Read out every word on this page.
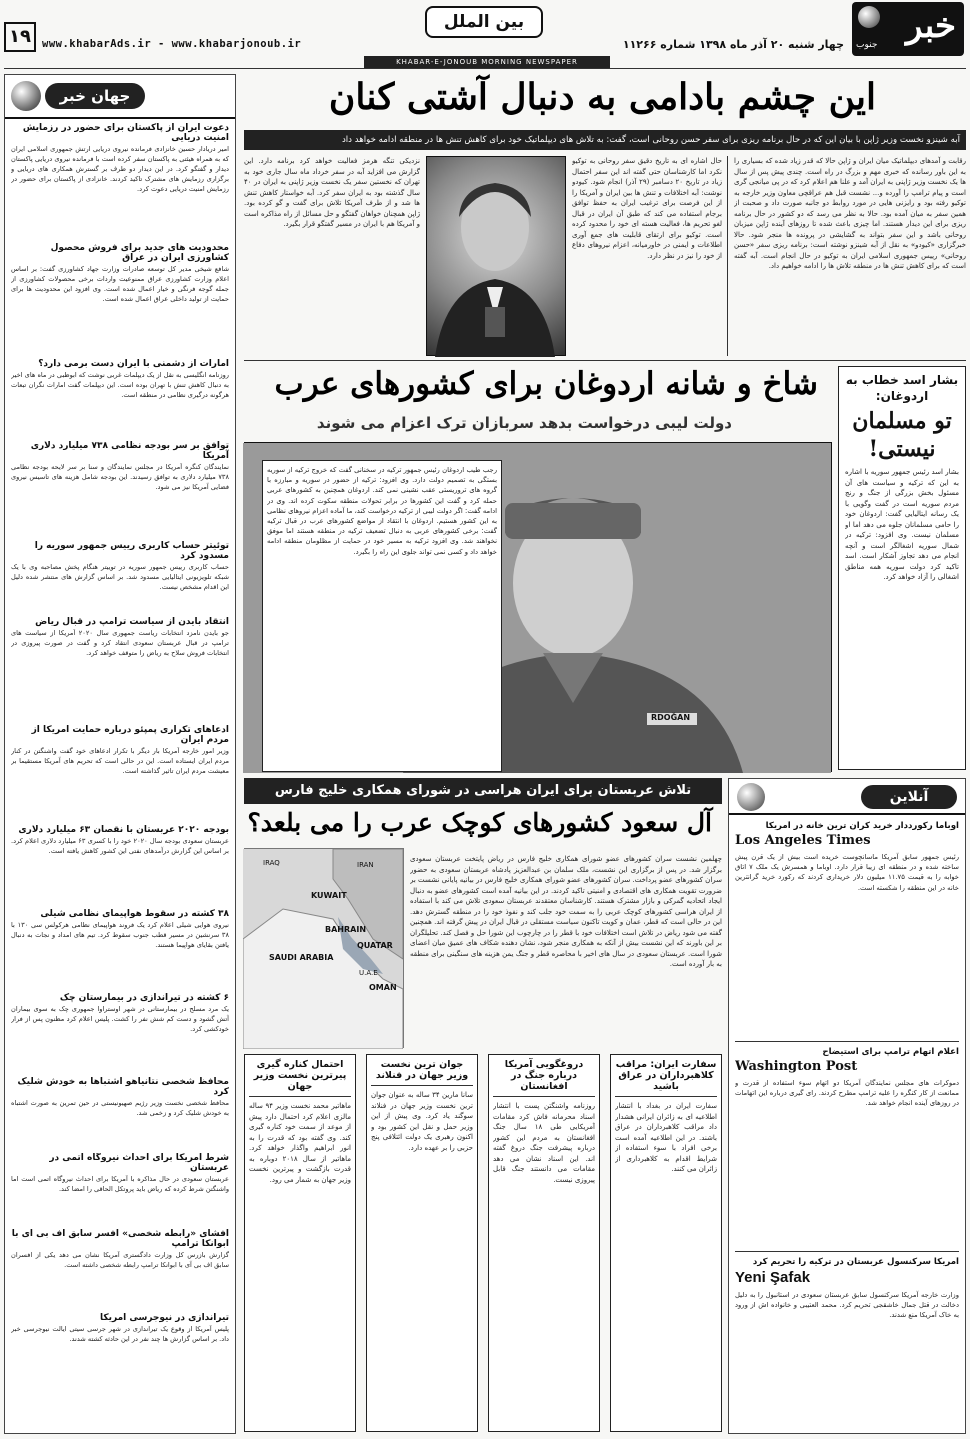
خبر
جنوب
چهار شنبه ۲۰ آذر ماه ۱۳۹۸ شماره ۱۱۲۶۶
بین الملل
www.khabarAds.ir - www.khabarjonoub.ir
۱۹
KHABAR-E-JONOUB MORNING NEWSPAPER
جهان خبر
دعوت ایران از پاکستان برای حضور در رزمایش امنیت دریایی
امیر دریادار حسین خانزادی فرمانده نیروی دریایی ارتش جمهوری اسلامی ایران که به همراه هیئتی به پاکستان سفر کرده است با فرمانده نیروی دریایی پاکستان دیدار و گفتگو کرد. در این دیدار دو طرف بر گسترش همکاری های دریایی و برگزاری رزمایش های مشترک تاکید کردند. خانزادی از پاکستان برای حضور در رزمایش امنیت دریایی دعوت کرد.
محدودیت های جدید برای فروش محصول کشاورزی ایران در عراق
شافع شیخی مدیر کل توسعه صادرات وزارت جهاد کشاورزی گفت: بر اساس اعلام وزارت کشاورزی عراق ممنوعیت واردات برخی محصولات کشاورزی از جمله گوجه فرنگی و خیار اعمال شده است. وی افزود این محدودیت ها برای حمایت از تولید داخلی عراق اعمال شده است.
امارات از دشمنی با ایران دست برمی دارد؟
روزنامه انگلیسی به نقل از یک دیپلمات غربی نوشت که ابوظبی در ماه های اخیر به دنبال کاهش تنش با تهران بوده است. این دیپلمات گفت امارات نگران تبعات هرگونه درگیری نظامی در منطقه است.
توافق بر سر بودجه نظامی ۷۳۸ میلیارد دلاری آمریکا
نمایندگان کنگره آمریکا در مجلس نمایندگان و سنا بر سر لایحه بودجه نظامی ۷۳۸ میلیارد دلاری به توافق رسیدند. این بودجه شامل هزینه های تاسیس نیروی فضایی آمریکا نیز می شود.
توئیتر حساب کاربری رییس جمهور سوریه را مسدود کرد
حساب کاربری رییس جمهور سوریه در توییتر هنگام پخش مصاحبه وی با یک شبکه تلویزیونی ایتالیایی مسدود شد. بر اساس گزارش های منتشر شده دلیل این اقدام مشخص نیست.
انتقاد بایدن از سیاست ترامپ در قبال ریاض
جو بایدن نامزد انتخابات ریاست جمهوری سال ۲۰۲۰ آمریکا از سیاست های ترامپ در قبال عربستان سعودی انتقاد کرد و گفت در صورت پیروزی در انتخابات فروش سلاح به ریاض را متوقف خواهد کرد.
ادعاهای تکراری پمپئو درباره حمایت آمریکا از مردم ایران
وزیر امور خارجه آمریکا بار دیگر با تکرار ادعاهای خود گفت واشنگتن در کنار مردم ایران ایستاده است. این در حالی است که تحریم های آمریکا مستقیما بر معیشت مردم ایران تاثیر گذاشته است.
بودجه ۲۰۲۰ عربستان با نقصان ۶۳ میلیارد دلاری
عربستان سعودی بودجه سال ۲۰۲۰ خود را با کسری ۶۳ میلیارد دلاری اعلام کرد. بر اساس این گزارش درآمدهای نفتی این کشور کاهش یافته است.
۳۸ کشته در سقوط هواپیمای نظامی شیلی
نیروی هوایی شیلی اعلام کرد یک فروند هواپیمای نظامی هرکولس سی ۱۳۰ با ۳۸ سرنشین در مسیر قطب جنوب سقوط کرد. تیم های امداد و نجات به دنبال یافتن بقایای هواپیما هستند.
۶ کشته در تیراندازی در بیمارستان چک
یک مرد مسلح در بیمارستانی در شهر اوستراوا جمهوری چک به سوی بیماران آتش گشود و دست کم شش نفر را کشت. پلیس اعلام کرد مظنون پس از فرار خودکشی کرد.
محافظ شخصی نتانیاهو اشتباها به خودش شلیک کرد
محافظ شخصی نخست وزیر رژیم صهیونیستی در حین تمرین به صورت اشتباه به خودش شلیک کرد و زخمی شد.
شرط آمریکا برای احداث نیروگاه اتمی در عربستان
عربستان سعودی در حال مذاکره با آمریکا برای احداث نیروگاه اتمی است اما واشنگتن شرط کرده که ریاض باید پروتکل الحاقی را امضا کند.
افشای «رابطه شخصی» افسر سابق اف بی آی با ابوانکا ترامپ
گزارش بازرس کل وزارت دادگستری آمریکا نشان می دهد یکی از افسران سابق اف بی آی با ابوانکا ترامپ رابطه شخصی داشته است.
تیراندازی در نیوجرسی آمریکا
پلیس آمریکا از وقوع یک تیراندازی در شهر جرسی سیتی ایالت نیوجرسی خبر داد. بر اساس گزارش ها چند نفر در این حادثه کشته شدند.
این چشم بادامی به دنبال آشتی کنان
آبه شینزو نخست وزیر ژاپن با بیان این که در حال برنامه ریزی برای سفر حسن روحانی است، گفت: به تلاش های دیپلماتیک خود برای کاهش تنش ها در منطقه ادامه خواهد داد
رقابت و آمدهای دیپلماتیک میان ایران و ژاپن حالا که قدر زیاد شده که بسیاری را به این باور رسانده که خبری مهم و بزرگ در راه است. چندی پیش پس از سال ها یک نخست وزیر ژاپنی به ایران آمد و علنا هم اعلام کرد که در پی میانجی گری است و پیام ترامپ را آورده و... نشست قبل هم عراقچی معاون وزیر خارجه به توکیو رفته بود و رایزنی هایی در مورد روابط دو جانبه صورت داد و صحبت از همین سفر به میان آمده بود. حالا به نظر می رسد که دو کشور در حال برنامه ریزی برای این دیدار هستند. اما چیزی باعث شده تا روزهای آینده ژاپن میزبان روحانی باشد و این سفر بتواند به گشایشی در پرونده ها منجر شود. حالا خبرگزاری «کیودو» به نقل از آبه شینزو نوشته است: برنامه ریزی سفر «حسن روحانی» رییس جمهوری اسلامی ایران به توکیو در حال انجام است. آبه گفته است که برای کاهش تنش ها در منطقه تلاش ها را ادامه خواهیم داد.
حال اشاره ای به تاریخ دقیق سفر روحانی به توکیو نکرد اما کارشناسان حتی گفته اند این سفر احتمال زیاد در تاریخ ۲۰ دسامبر (۲۹ آذر) انجام شود. کیودو نوشت: آبه اختلافات و تنش ها بین ایران و آمریکا را از این فرصت برای ترغیب ایران به حفظ توافق برجام استفاده می کند که طبق آن ایران در قبال لغو تحریم ها، فعالیت هسته ای خود را محدود کرده است. توکیو برای ارتقای قابلیت های جمع آوری اطلاعات و ایمنی در خاورمیانه، اعزام نیروهای دفاع از خود را نیز در نظر دارد.
نزدیکی تنگه هرمز فعالیت خواهد کرد برنامه دارد. این گزارش می افزاید آبه در سفر خرداد ماه سال جاری خود به تهران که نخستین سفر یک نخست وزیر ژاپنی به ایران در ۴۰ سال گذشته بود به ایران سفر کرد. آبه خواستار کاهش تنش ها شد و از طرف آمریکا تلاش برای گفت و گو کرده بود. ژاپن همچنان خواهان گفتگو و حل مسائل از راه مذاکره است و آمریکا هم با ایران در مسیر گفتگو قرار بگیرد.
شاخ و شانه اردوغان برای کشورهای عرب
دولت لیبی درخواست بدهد سربازان ترک اعزام می شوند
RDOĞAN
رجب طیب اردوغان رئیس جمهور ترکیه در سخنانی گفت که خروج ترکیه از سوریه بستگی به تصمیم دولت دارد. وی افزود: ترکیه از حضور در سوریه و مبارزه با گروه های تروریستی عقب نشینی نمی کند. اردوغان همچنین به کشورهای عربی حمله کرد و گفت این کشورها در برابر تحولات منطقه سکوت کرده اند. وی در ادامه گفت: اگر دولت لیبی از ترکیه درخواست کند، ما آماده اعزام نیروهای نظامی به این کشور هستیم. اردوغان با انتقاد از مواضع کشورهای عرب در قبال ترکیه گفت: برخی کشورهای عربی به دنبال تضعیف ترکیه در منطقه هستند اما موفق نخواهند شد. وی افزود ترکیه به مسیر خود در حمایت از مظلومان منطقه ادامه خواهد داد و کسی نمی تواند جلوی این راه را بگیرد.
بشار اسد خطاب به اردوغان:
تو مسلمان نیستی!
بشار اسد رئیس جمهور سوریه با اشاره به این که ترکیه و سیاست های آن مسئول بخش بزرگی از جنگ و رنج مردم سوریه است در گفت وگویی با یک رسانه ایتالیایی گفت: اردوغان خود را حامی مسلمانان جلوه می دهد اما او مسلمان نیست. وی افزود: ترکیه در شمال سوریه اشغالگر است و آنچه انجام می دهد تجاوز آشکار است. اسد تاکید کرد دولت سوریه همه مناطق اشغالی را آزاد خواهد کرد.
تلاش عربستان برای ایران هراسی در شورای همکاری خلیج فارس
آل سعود کشورهای کوچک عرب را می بلعد؟
IRAQ	IRAN
KUWAIT
BAHRAIN
QUATAR
SAUDI ARABIA
U.A.E
OMAN
چهلمین نشست سران کشورهای عضو شورای همکاری خلیج فارس در ریاض پایتخت عربستان سعودی برگزار شد. در پس از برگزاری این نشست، ملک سلمان بن عبدالعزیز پادشاه عربستان سعودی به حضور سران کشورهای عضو پرداخت. سران کشورهای عضو شورای همکاری خلیج فارس در بیانیه پایانی نشست بر ضرورت تقویت همکاری های اقتصادی و امنیتی تاکید کردند. در این بیانیه آمده است کشورهای عضو به دنبال ایجاد اتحادیه گمرکی و بازار مشترک هستند. کارشناسان معتقدند عربستان سعودی تلاش می کند با استفاده از ایران هراسی کشورهای کوچک عربی را به سمت خود جلب کند و نفوذ خود را در منطقه گسترش دهد. این در حالی است که قطر، عمان و کویت تاکنون سیاست مستقلی در قبال ایران در پیش گرفته اند. همچنین گفته می شود ریاض در تلاش است اختلافات خود با قطر را در چارچوب این شورا حل و فصل کند. تحلیلگران بر این باورند که این نشست بیش از آنکه به همکاری منجر شود، نشان دهنده شکاف های عمیق میان اعضای شورا است. عربستان سعودی در سال های اخیر با محاصره قطر و جنگ یمن هزینه های سنگینی برای منطقه به بار آورده است.
آنلاین
اوباما رکورددار خرید کران ترین خانه در آمریکا
Los Angeles Times
رئیس جمهور سابق آمریکا ماسانچوست خریده است بیش از یک قرن پیش ساخته شده و در منطقه ای زیبا قرار دارد. اوباما و همسرش یک ملک ۷ اتاق خوابه را به قیمت ۱۱.۷۵ میلیون دلار خریداری کردند که رکورد خرید گرانترین خانه در این منطقه را شکسته است.
اعلام اتهام ترامپ برای استیضاح
Washington Post
دموکرات های مجلس نمایندگان آمریکا دو اتهام سوء استفاده از قدرت و ممانعت از کار کنگره را علیه ترامپ مطرح کردند. رای گیری درباره این اتهامات در روزهای آینده انجام خواهد شد.
آمریکا سرکنسول عربستان در ترکیه را تحریم کرد
Yeni Şafak
وزارت خارجه آمریکا سرکنسول سابق عربستان سعودی در استانبول را به دلیل دخالت در قتل جمال خاشقجی تحریم کرد. محمد العتیبی و خانواده اش از ورود به خاک آمریکا منع شدند.
سفارت ایران: مراقب کلاهبرداران در عراق باشید
سفارت ایران در بغداد با انتشار اطلاعیه ای به زائران ایرانی هشدار داد مراقب کلاهبرداران در عراق باشند. در این اطلاعیه آمده است برخی افراد با سوء استفاده از شرایط اقدام به کلاهبرداری از زائران می کنند.
دروغگویی آمریکا درباره جنگ در افغانستان
روزنامه واشنگتن پست با انتشار اسناد محرمانه فاش کرد مقامات آمریکایی طی ۱۸ سال جنگ افغانستان به مردم این کشور درباره پیشرفت جنگ دروغ گفته اند. این اسناد نشان می دهد مقامات می دانستند جنگ قابل پیروزی نیست.
جوان ترین نخست وزیر جهان در فنلاند
سانا مارین ۳۴ ساله به عنوان جوان ترین نخست وزیر جهان در فنلاند سوگند یاد کرد. وی پیش از این وزیر حمل و نقل این کشور بود و اکنون رهبری یک دولت ائتلافی پنج حزبی را بر عهده دارد.
احتمال کناره گیری پیرترین نخست وزیر جهان
ماهاتیر محمد نخست وزیر ۹۴ ساله مالزی اعلام کرد احتمال دارد پیش از موعد از سمت خود کناره گیری کند. وی گفته بود که قدرت را به انور ابراهیم واگذار خواهد کرد. ماهاتیر از سال ۲۰۱۸ دوباره به قدرت بازگشت و پیرترین نخست وزیر جهان به شمار می رود.
